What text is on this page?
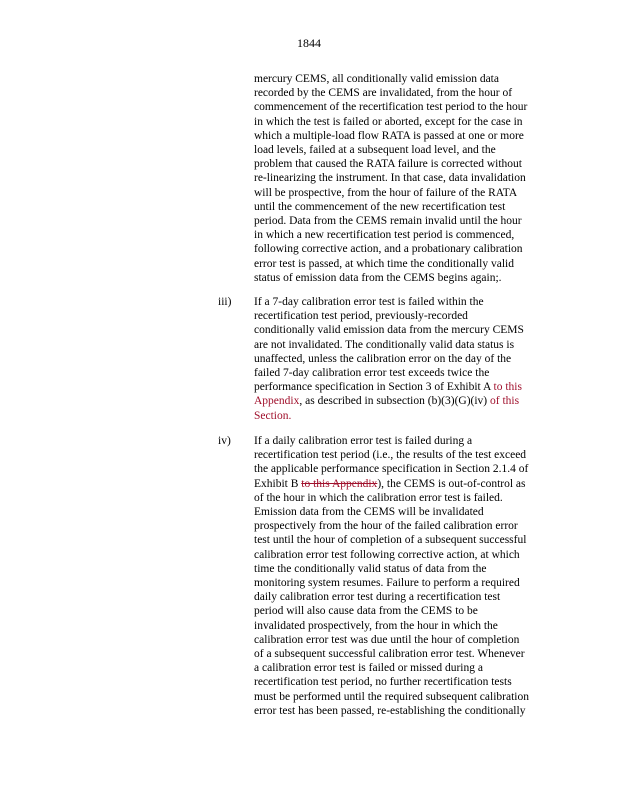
1844
mercury CEMS, all conditionally valid emission data
recorded by the CEMS are invalidated, from the hour of
commencement of the recertification test period to the hour
in which the test is failed or aborted, except for the case in
which a multiple-load flow RATA is passed at one or more
load levels, failed at a subsequent load level, and the
problem that caused the RATA failure is corrected without
re-linearizing the instrument. In that case, data invalidation
will be prospective, from the hour of failure of the RATA
until the commencement of the new recertification test
period. Data from the CEMS remain invalid until the hour
in which a new recertification test period is commenced,
following corrective action, and a probationary calibration
error test is passed, at which time the conditionally valid
status of emission data from the CEMS begins again;.
iii) If a 7-day calibration error test is failed within the
recertification test period, previously-recorded
conditionally valid emission data from the mercury CEMS
are not invalidated. The conditionally valid data status is
unaffected, unless the calibration error on the day of the
failed 7-day calibration error test exceeds twice the
performance specification in Section 3 of Exhibit A to this
Appendix, as described in subsection (b)(3)(G)(iv) of this
Section.
iv) If a daily calibration error test is failed during a
recertification test period (i.e., the results of the test exceed
the applicable performance specification in Section 2.1.4 of
Exhibit B to this Appendix), the CEMS is out-of-control as
of the hour in which the calibration error test is failed.
Emission data from the CEMS will be invalidated
prospectively from the hour of the failed calibration error
test until the hour of completion of a subsequent successful
calibration error test following corrective action, at which
time the conditionally valid status of data from the
monitoring system resumes. Failure to perform a required
daily calibration error test during a recertification test
period will also cause data from the CEMS to be
invalidated prospectively, from the hour in which the
calibration error test was due until the hour of completion
of a subsequent successful calibration error test. Whenever
a calibration error test is failed or missed during a
recertification test period, no further recertification tests
must be performed until the required subsequent calibration
error test has been passed, re-establishing the conditionally
